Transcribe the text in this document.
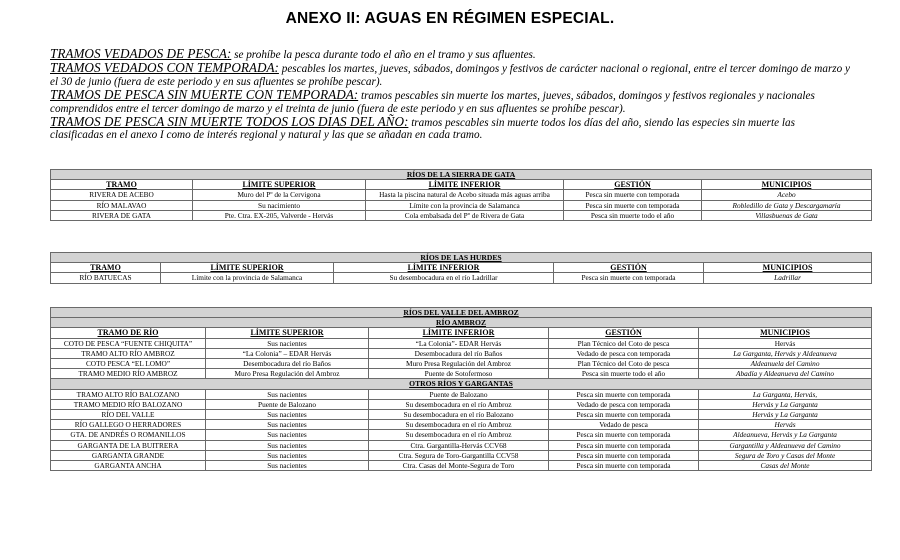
ANEXO II: AGUAS EN RÉGIMEN ESPECIAL.

TRAMOS VEDADOS DE PESCA: se prohíbe la pesca durante todo el año en el tramo y sus afluentes.

TRAMOS VEDADOS CON TEMPORADA: pescables los martes, jueves, sábados, domingos y festivos de carácter nacional o regional, entre el tercer domingo de marzo y el 30 de junio (fuera de este periodo y en sus afluentes se prohíbe pescar).

TRAMOS DE PESCA SIN MUERTE CON TEMPORADA: tramos pescables sin muerte los martes, jueves, sábados, domingos y festivos regionales y nacionales comprendidos entre el tercer domingo de marzo y el treinta de junio (fuera de este periodo y en sus afluentes se prohíbe pescar).

TRAMOS DE PESCA SIN MUERTE TODOS LOS DIAS DEL AÑO: tramos pescables sin muerte todos los días del año, siendo las especies sin muerte las clasificadas en el anexo I como de interés regional y natural y las que se añadan en cada tramo.

RÍOS DE LA SIERRA DE GATA				
TRAMO	LÍMITE SUPERIOR	LÍMITE INFERIOR	GESTIÓN	MUNICIPIOS
RIVERA DE ACEBO	Muro del Pº de la Cervigona	Hasta la piscina natural de Acebo situada más aguas arriba	Pesca sin muerte con temporada	Acebo
RÍO MALAVAO	Su nacimiento	Límite con la provincia de Salamanca	Pesca sin muerte con temporada	Robledillo de Gata y Descargamaría
RIVERA DE GATA	Pte. Ctra. EX-205, Valverde - Hervás	Cola embalsada del Pº de Rivera de Gata	Pesca sin muerte todo el año	Villasbuenas de Gata
RÍOS DE LAS HURDES				
TRAMO	LÍMITE SUPERIOR	LÍMITE INFERIOR	GESTIÓN	MUNICIPIOS
RÍO BATUECAS	Límite con la provincia de Salamanca	Su desembocadura en el río Ladrillar	Pesca sin muerte con temporada	Ladrillar
RÍOS DEL VALLE DEL AMBROZ				
RÍO AMBROZ				
TRAMO DE RÍO	LÍMITE SUPERIOR	LÍMITE INFERIOR	GESTIÓN	MUNICIPIOS
COTO DE PESCA “FUENTE CHIQUITA”	Sus nacientes	“La Colonia”- EDAR Hervás	Plan Técnico del Coto de pesca	Hervás
TRAMO ALTO RÍO AMBROZ	“La Colonia” – EDAR Hervás	Desembocadura del río Baños	Vedado de pesca con temporada	La Garganta, Hervás y Aldeanueva
COTO PESCA “EL LOMO”	Desembocadura del río Baños	Muro Presa Regulación del Ambroz	Plan Técnico del Coto de pesca	Aldeanuela del Camino
TRAMO MEDIO RÍO AMBROZ	Muro Presa Regulación del Ambroz	Puente de Sotofermoso	Pesca sin muerte todo el año	Abadía y Aldeanueva del Camino
OTROS RÍOS Y GARGANTAS				
TRAMO ALTO RÍO BALOZANO	Sus nacientes	Puente de Balozano	Pesca sin muerte con temporada	La Garganta, Hervás,
TRAMO MEDIO RÍO BALOZANO	Puente de Balozano	Su desembocadura en el río Ambroz	Vedado de pesca con temporada	Hervás y La Garganta
RÍO DEL VALLE	Sus nacientes	Su desembocadura en el río Balozano	Pesca sin muerte con temporada	Hervás y La Garganta
RÍO GALLEGO O HERRADORES	Sus nacientes	Su desembocadura en el río Ambroz	Vedado de pesca	Hervás
GTA. DE ANDRÉS O ROMANILLOS	Sus nacientes	Su desembocadura en el río Ambroz	Pesca sin muerte con temporada	Aldeanueva, Hervás y La Garganta
GARGANTA DE LA BUITRERA	Sus nacientes	Ctra. Gargantilla-Hervás CCV68	Pesca sin muerte con temporada	Gargantilla y Aldeanueva del Camino
GARGANTA GRANDE	Sus nacientes	Ctra. Segura de Toro-Gargantilla CCV58	Pesca sin muerte con temporada	Segura de Toro y Casas del Monte
GARGANTA ANCHA	Sus nacientes	Ctra. Casas del Monte-Segura de Toro	Pesca sin muerte con temporada	Casas del Monte
